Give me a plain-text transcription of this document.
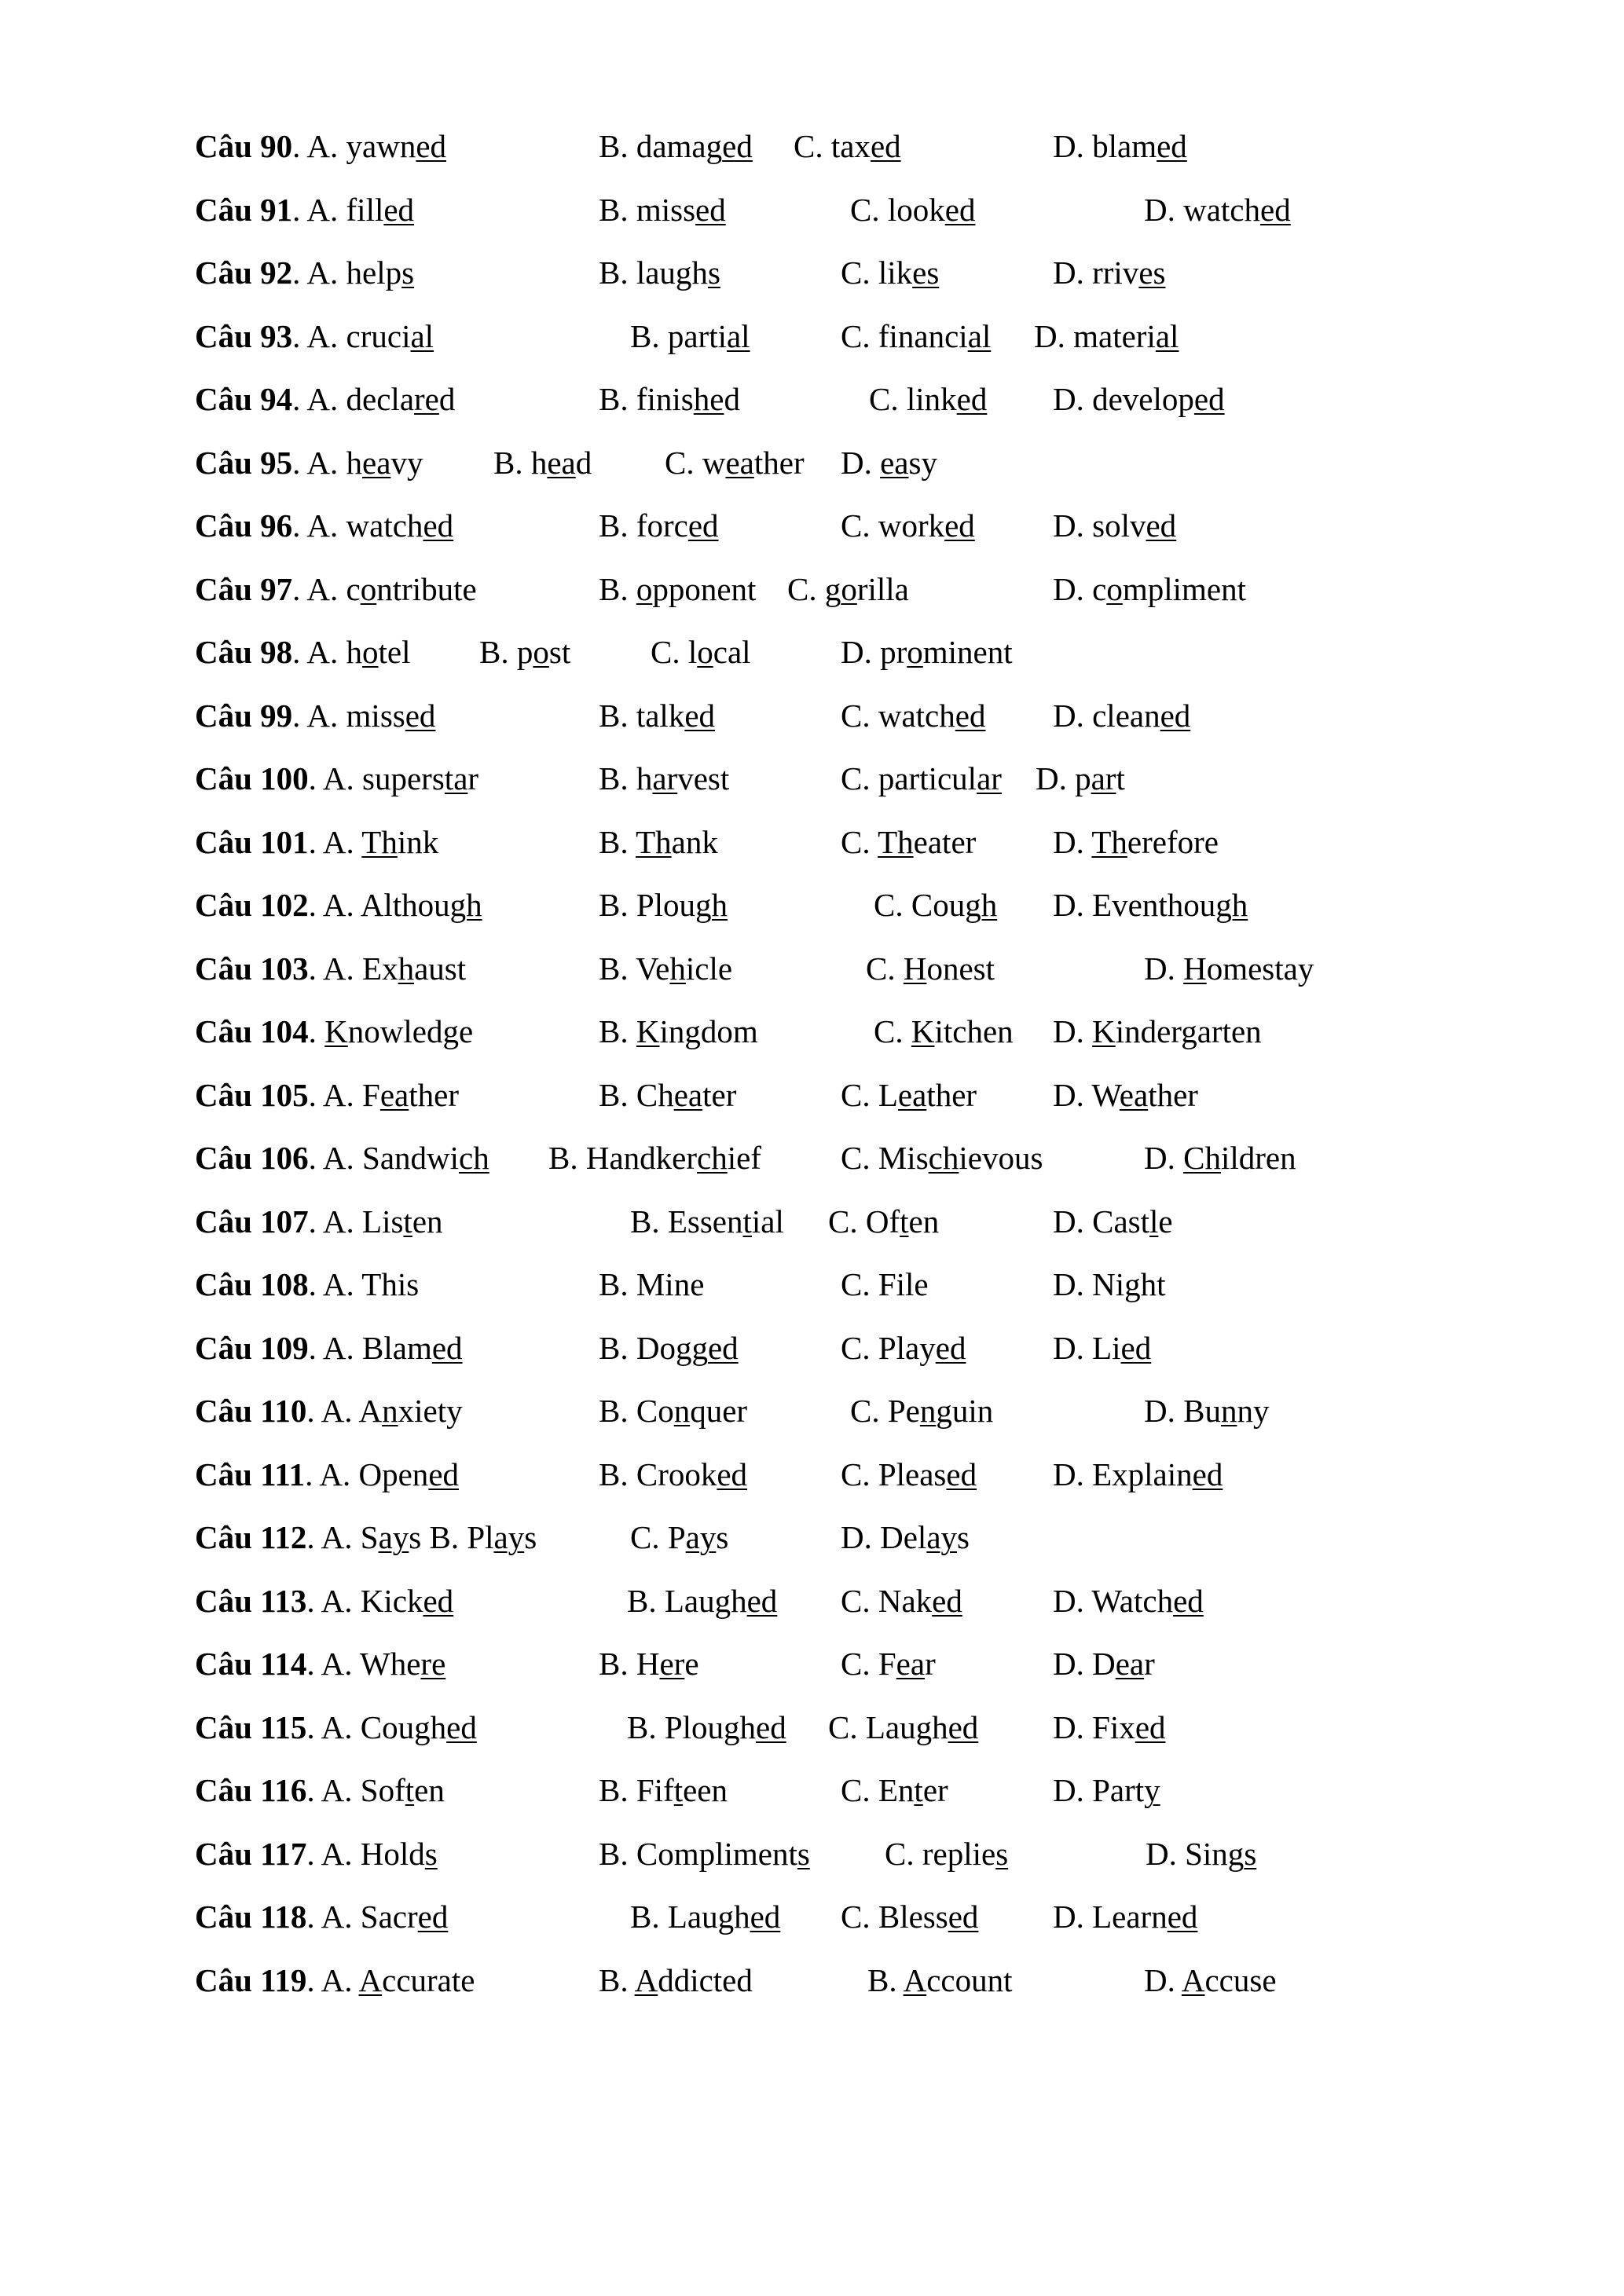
Câu 90. A. yawned	B. damaged C. taxed	D. blamed
Câu 91. A. filled	B. missed	C. looked	D. watched
Câu 92. A. helps	B. laughs	C. likes	D. rrives
Câu 93. A. crucial	B. partial	C. financial D. material
Câu 94. A. declared	B. finished	C. linked D. developed
Câu 95. A. heavy B. head C. weather D. easy
Câu 96. A. watched	B. forced	C. worked D. solved
Câu 97. A. contribute	B. opponent C. gorilla	D. compliment
Câu 98. A. hotel B. post C. local	D. prominent
Câu 99. A. missed	B. talked	C. watched D. cleaned
Câu 100. A. superstar	B. harvest	C. particular D. part
Câu 101. A. Think	B. Thank	C. Theater D. Therefore
Câu 102. A. Although	B. Plough	C. Cough D. Eventhough
Câu 103. A. Exhaust	B. Vehicle	C. Honest	D. Homestay
Câu 104. Knowledge	B. Kingdom	C. Kitchen D. Kindergarten
Câu 105. A. Feather	B. Cheater	C. Leather D. Weather
Câu 106. A. Sandwich B. Handkerchief C. Mischievous	D. Children
Câu 107. A. Listen	B. Essential C. Often	D. Castle
Câu 108. A. This	B. Mine	C. File	D. Night
Câu 109. A. Blamed	B. Dogged	C. Played	D. Lied
Câu 110. A. Anxiety	B. Conquer	C. Penguin	D. Bunny
Câu 111. A. Opened	B. Crooked	C. Pleased D. Explained
Câu 112. A. Says B. Plays	C. Pays	D. Delays
Câu 113. A. Kicked	B. Laughed C. Naked	D. Watched
Câu 114. A. Where	B. Here	C. Fear	D. Dear
Câu 115. A. Coughed	B. Ploughed C. Laughed D. Fixed
Câu 116. A. Soften	B. Fifteen	C. Enter	D. Party
Câu 117. A. Holds	B. Compliments C. replies	D. Sings
Câu 118. A. Sacred	B. Laughed C. Blessed D. Learned
Câu 119. A. Accurate	B. Addicted	B. Account	D. Accuse
